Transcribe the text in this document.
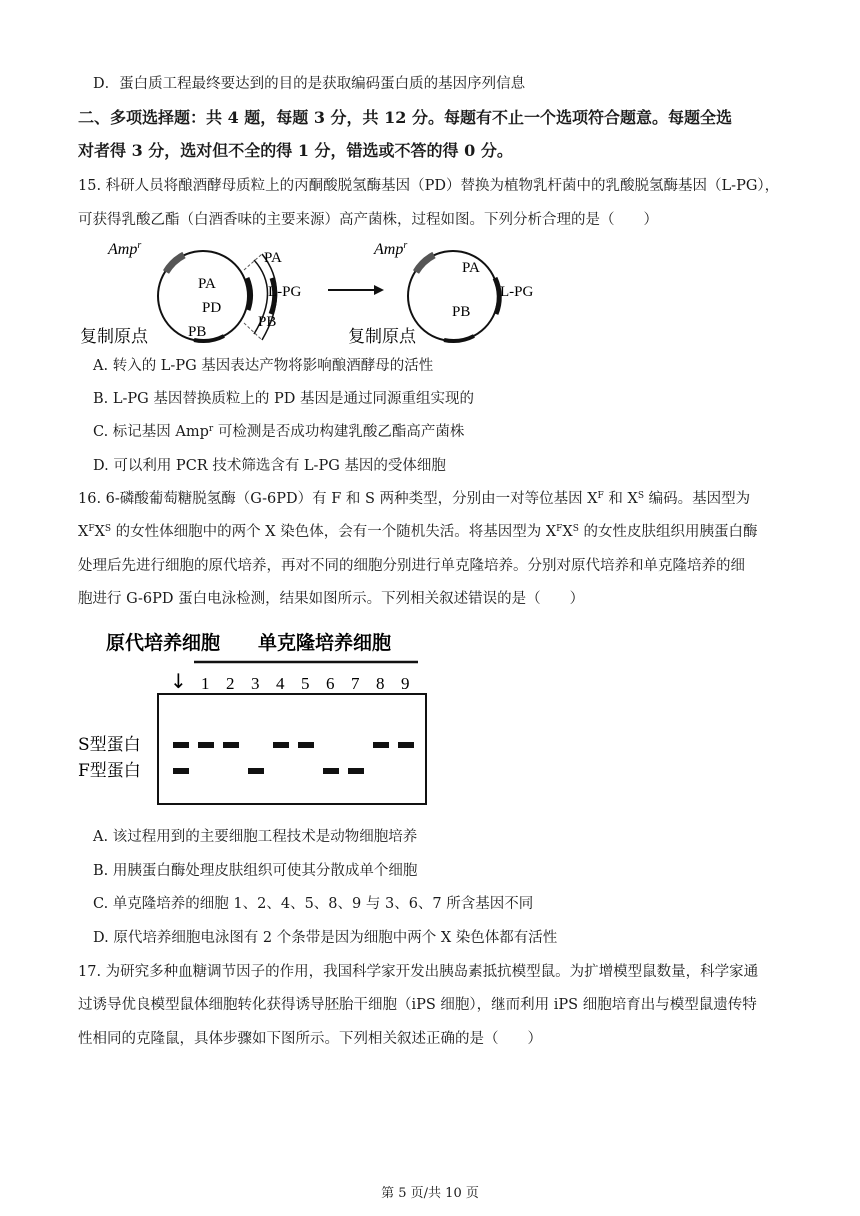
D．蛋白质工程最终要达到的目的是获取编码蛋白质的基因序列信息
二、多项选择题：共 4 题，每题 3 分，共 12 分。每题有不止一个选项符合题意。每题全选
对者得 3 分，选对但不全的得 1 分，错选或不答的得 0 分。
15. 科研人员将酿酒酵母质粒上的丙酮酸脱氢酶基因（PD）替换为植物乳杆菌中的乳酸脱氢酶基因（L-PG），
可获得乳酸乙酯（白酒香味的主要来源）高产菌株，过程如图。下列分析合理的是（　　）
Amp$^r$
PA
PD
PB
PA
L-PG
PB
复制原点
Amp$^r$
PA
L-PG
PB
复制原点
A. 转入的 L-PG 基因表达产物将影响酿酒酵母的活性
B. L-PG 基因替换质粒上的 PD 基因是通过同源重组实现的
C. 标记基因 Amp$^r$ 可检测是否成功构建乳酸乙酯高产菌株
D. 可以利用 PCR 技术筛选含有 L-PG 基因的受体细胞
16. 6-磷酸葡萄糖脱氢酶（G-6PD）有 F 和 S 两种类型，分别由一对等位基因 $X^F$ 和 $X^S$ 编码。基因型为
$X^FX^S$ 的女性体细胞中的两个 X 染色体，会有一个随机失活。将基因型为 $X^FX^S$ 的女性皮肤组织用胰蛋白酶
处理后先进行细胞的原代培养，再对不同的细胞分别进行单克隆培养。分别对原代培养和单克隆培养的细
胞进行 G-6PD 蛋白电泳检测，结果如图所示。下列相关叙述错误的是（　　）
原代培养细胞 单克隆培养细胞
↓ 1 2 3 4 5 6 7 8 9
S型蛋白
F型蛋白
A. 该过程用到的主要细胞工程技术是动物细胞培养
B. 用胰蛋白酶处理皮肤组织可使其分散成单个细胞
C. 单克隆培养的细胞 1、2、4、5、8、9 与 3、6、7 所含基因不同
D. 原代培养细胞电泳图有 2 个条带是因为细胞中两个 X 染色体都有活性
17. 为研究多种血糖调节因子的作用，我国科学家开发出胰岛素抵抗模型鼠。为扩增模型鼠数量，科学家通
过诱导优良模型鼠体细胞转化获得诱导胚胎干细胞（iPS 细胞），继而利用 iPS 细胞培育出与模型鼠遗传特
性相同的克隆鼠，具体步骤如下图所示。下列相关叙述正确的是（　　）
第 5 页/共 10 页
